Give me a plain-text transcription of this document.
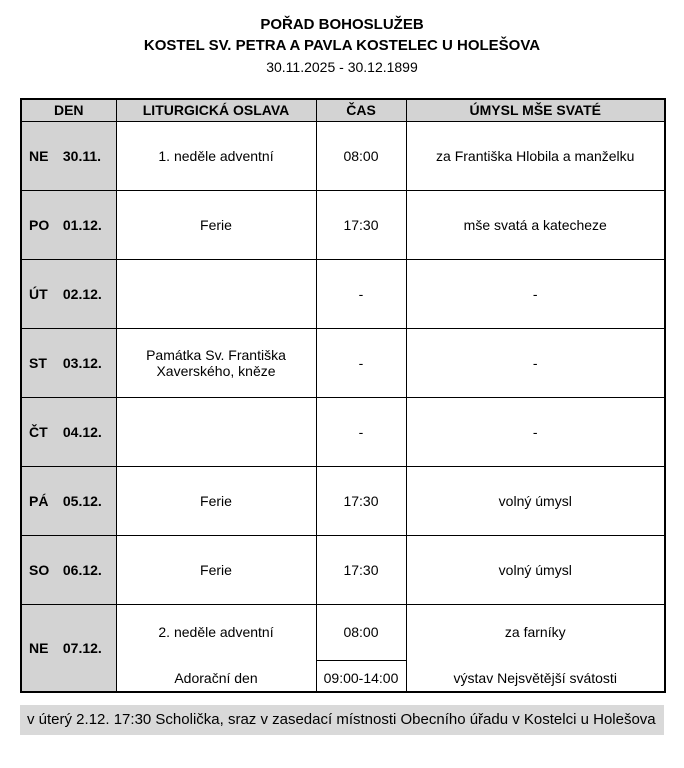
POŘAD BOHOSLUŽEB
KOSTEL SV. PETRA A PAVLA KOSTELEC U HOLEŠOVA
30.11.2025 - 30.12.1899
DEN	LITURGICKÁ OSLAVA	ČAS	ÚMYSL MŠE SVATÉ
NE 30.11.	1. neděle adventní	08:00	za Františka Hlobila a manželku
PO 01.12.	Ferie	17:30	mše svatá a katecheze
ÚT 02.12.		-	-
ST 03.12.	Památka Sv. Františka Xaverského, kněze	-	-
ČT 04.12.		-	-
PÁ 05.12.	Ferie	17:30	volný úmysl
SO 06.12.	Ferie	17:30	volný úmysl
NE 07.12.	2. neděle adventní	08:00	za farníky
	Adorační den	09:00-14:00	výstav Nejsvětější svátosti
v úterý 2.12. 17:30 Scholička, sraz v zasedací místnosti Obecního úřadu v Kostelci u Holešova
